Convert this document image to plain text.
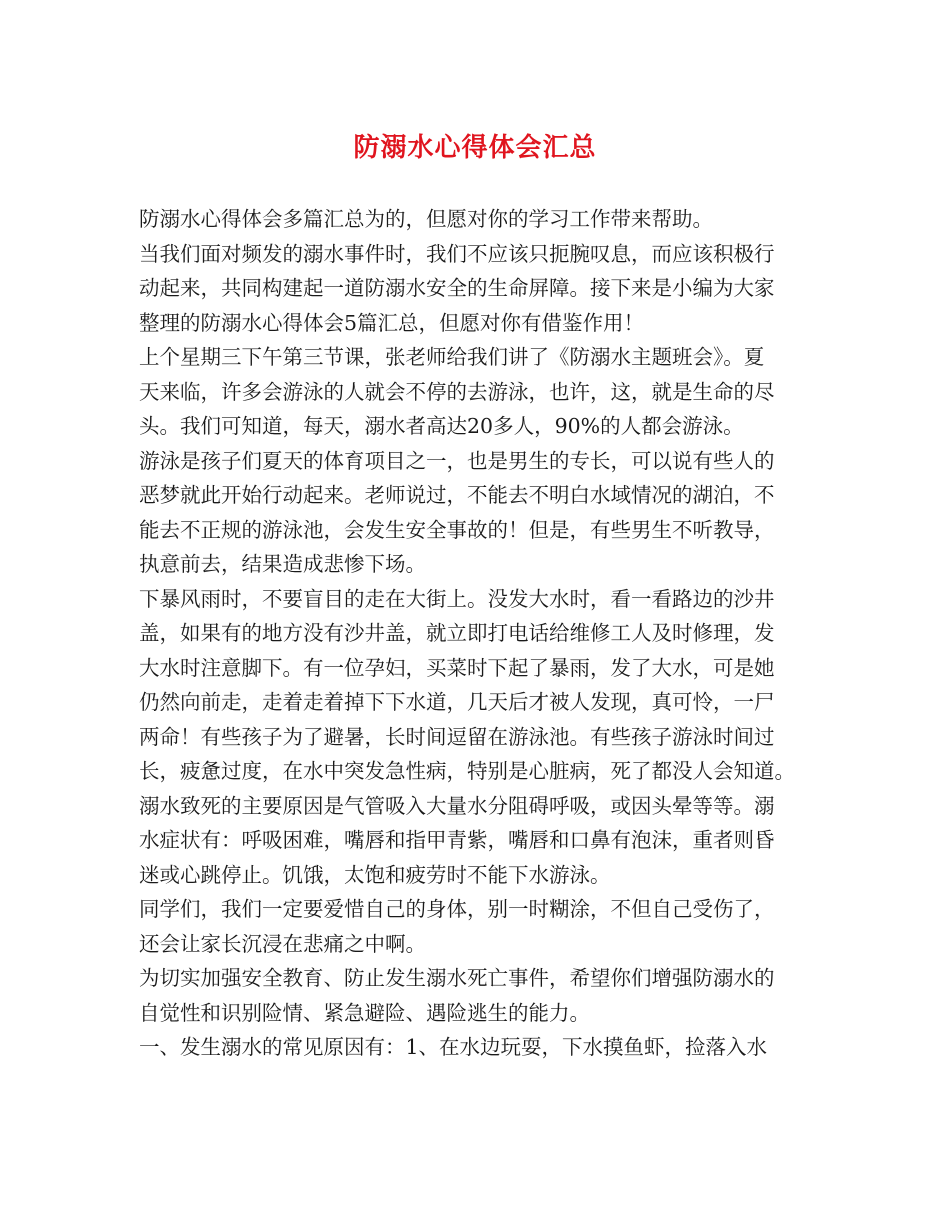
防溺水心得体会汇总
防溺水心得体会多篇汇总为的，但愿对你的学习工作带来帮助。
当我们面对频发的溺水事件时，我们不应该只扼腕叹息，而应该积极行
动起来，共同构建起一道防溺水安全的生命屏障。接下来是小编为大家
整理的防溺水心得体会5篇汇总，但愿对你有借鉴作用！
上个星期三下午第三节课，张老师给我们讲了《防溺水主题班会》。夏
天来临，许多会游泳的人就会不停的去游泳，也许，这，就是生命的尽
头。我们可知道，每天，溺水者高达20多人，90%的人都会游泳。
游泳是孩子们夏天的体育项目之一，也是男生的专长，可以说有些人的
恶梦就此开始行动起来。老师说过，不能去不明白水域情况的湖泊，不
能去不正规的游泳池，会发生安全事故的！但是，有些男生不听教导，
执意前去，结果造成悲惨下场。
下暴风雨时，不要盲目的走在大街上。没发大水时，看一看路边的沙井
盖，如果有的地方没有沙井盖，就立即打电话给维修工人及时修理，发
大水时注意脚下。有一位孕妇，买菜时下起了暴雨，发了大水，可是她
仍然向前走，走着走着掉下下水道，几天后才被人发现，真可怜，一尸
两命！有些孩子为了避暑，长时间逗留在游泳池。有些孩子游泳时间过
长，疲惫过度，在水中突发急性病，特别是心脏病，死了都没人会知道。
溺水致死的主要原因是气管吸入大量水分阻碍呼吸，或因头晕等等。溺
水症状有：呼吸困难，嘴唇和指甲青紫，嘴唇和口鼻有泡沫，重者则昏
迷或心跳停止。饥饿，太饱和疲劳时不能下水游泳。
同学们，我们一定要爱惜自己的身体，别一时糊涂，不但自己受伤了，
还会让家长沉浸在悲痛之中啊。
为切实加强安全教育、防止发生溺水死亡事件，希望你们增强防溺水的
自觉性和识别险情、紧急避险、遇险逃生的能力。
一、发生溺水的常见原因有：1、在水边玩耍，下水摸鱼虾，捡落入水
